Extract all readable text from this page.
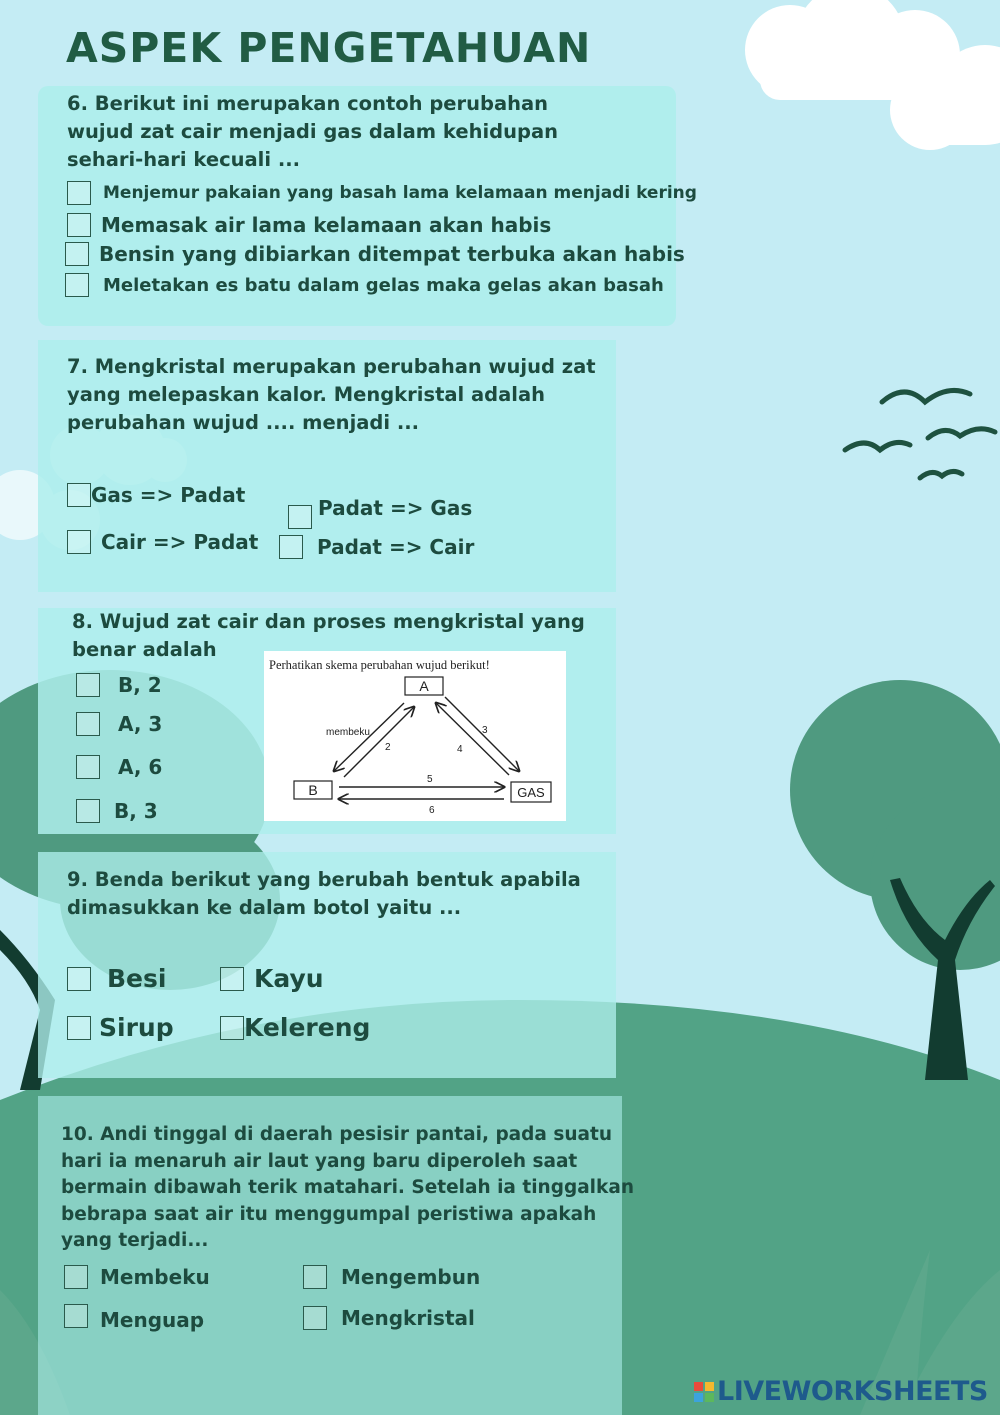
ASPEK PENGETAHUAN
6. Berikut ini merupakan contoh perubahan
wujud zat cair menjadi gas dalam kehidupan
sehari-hari kecuali ...
Menjemur pakaian yang basah lama kelamaan menjadi kering
Memasak air lama kelamaan akan habis
Bensin yang dibiarkan ditempat terbuka akan habis
Meletakan es batu dalam gelas maka gelas akan basah
7. Mengkristal merupakan perubahan wujud zat
yang melepaskan kalor. Mengkristal adalah
perubahan wujud .... menjadi ...
Gas => Padat
Padat => Gas
Cair => Padat	Padat => Cair
8. Wujud zat cair dan proses mengkristal yang
benar adalah
B, 2
A, 3
A, 6
B, 3
Perhatikan skema perubahan wujud berikut!
A
B	GAS
membeku
2
3
4
5
6
9. Benda berikut yang berubah bentuk apabila
dimasukkan ke dalam botol yaitu ...
Besi	Kayu
Sirup	Kelereng
10. Andi tinggal di daerah pesisir pantai, pada suatu
hari ia menaruh air laut yang baru diperoleh saat
bermain dibawah terik matahari. Setelah ia tinggalkan
bebrapa saat air itu menggumpal peristiwa apakah
yang terjadi...
Membeku	Mengembun
Menguap	Mengkristal
LIVEWORKSHEETS
